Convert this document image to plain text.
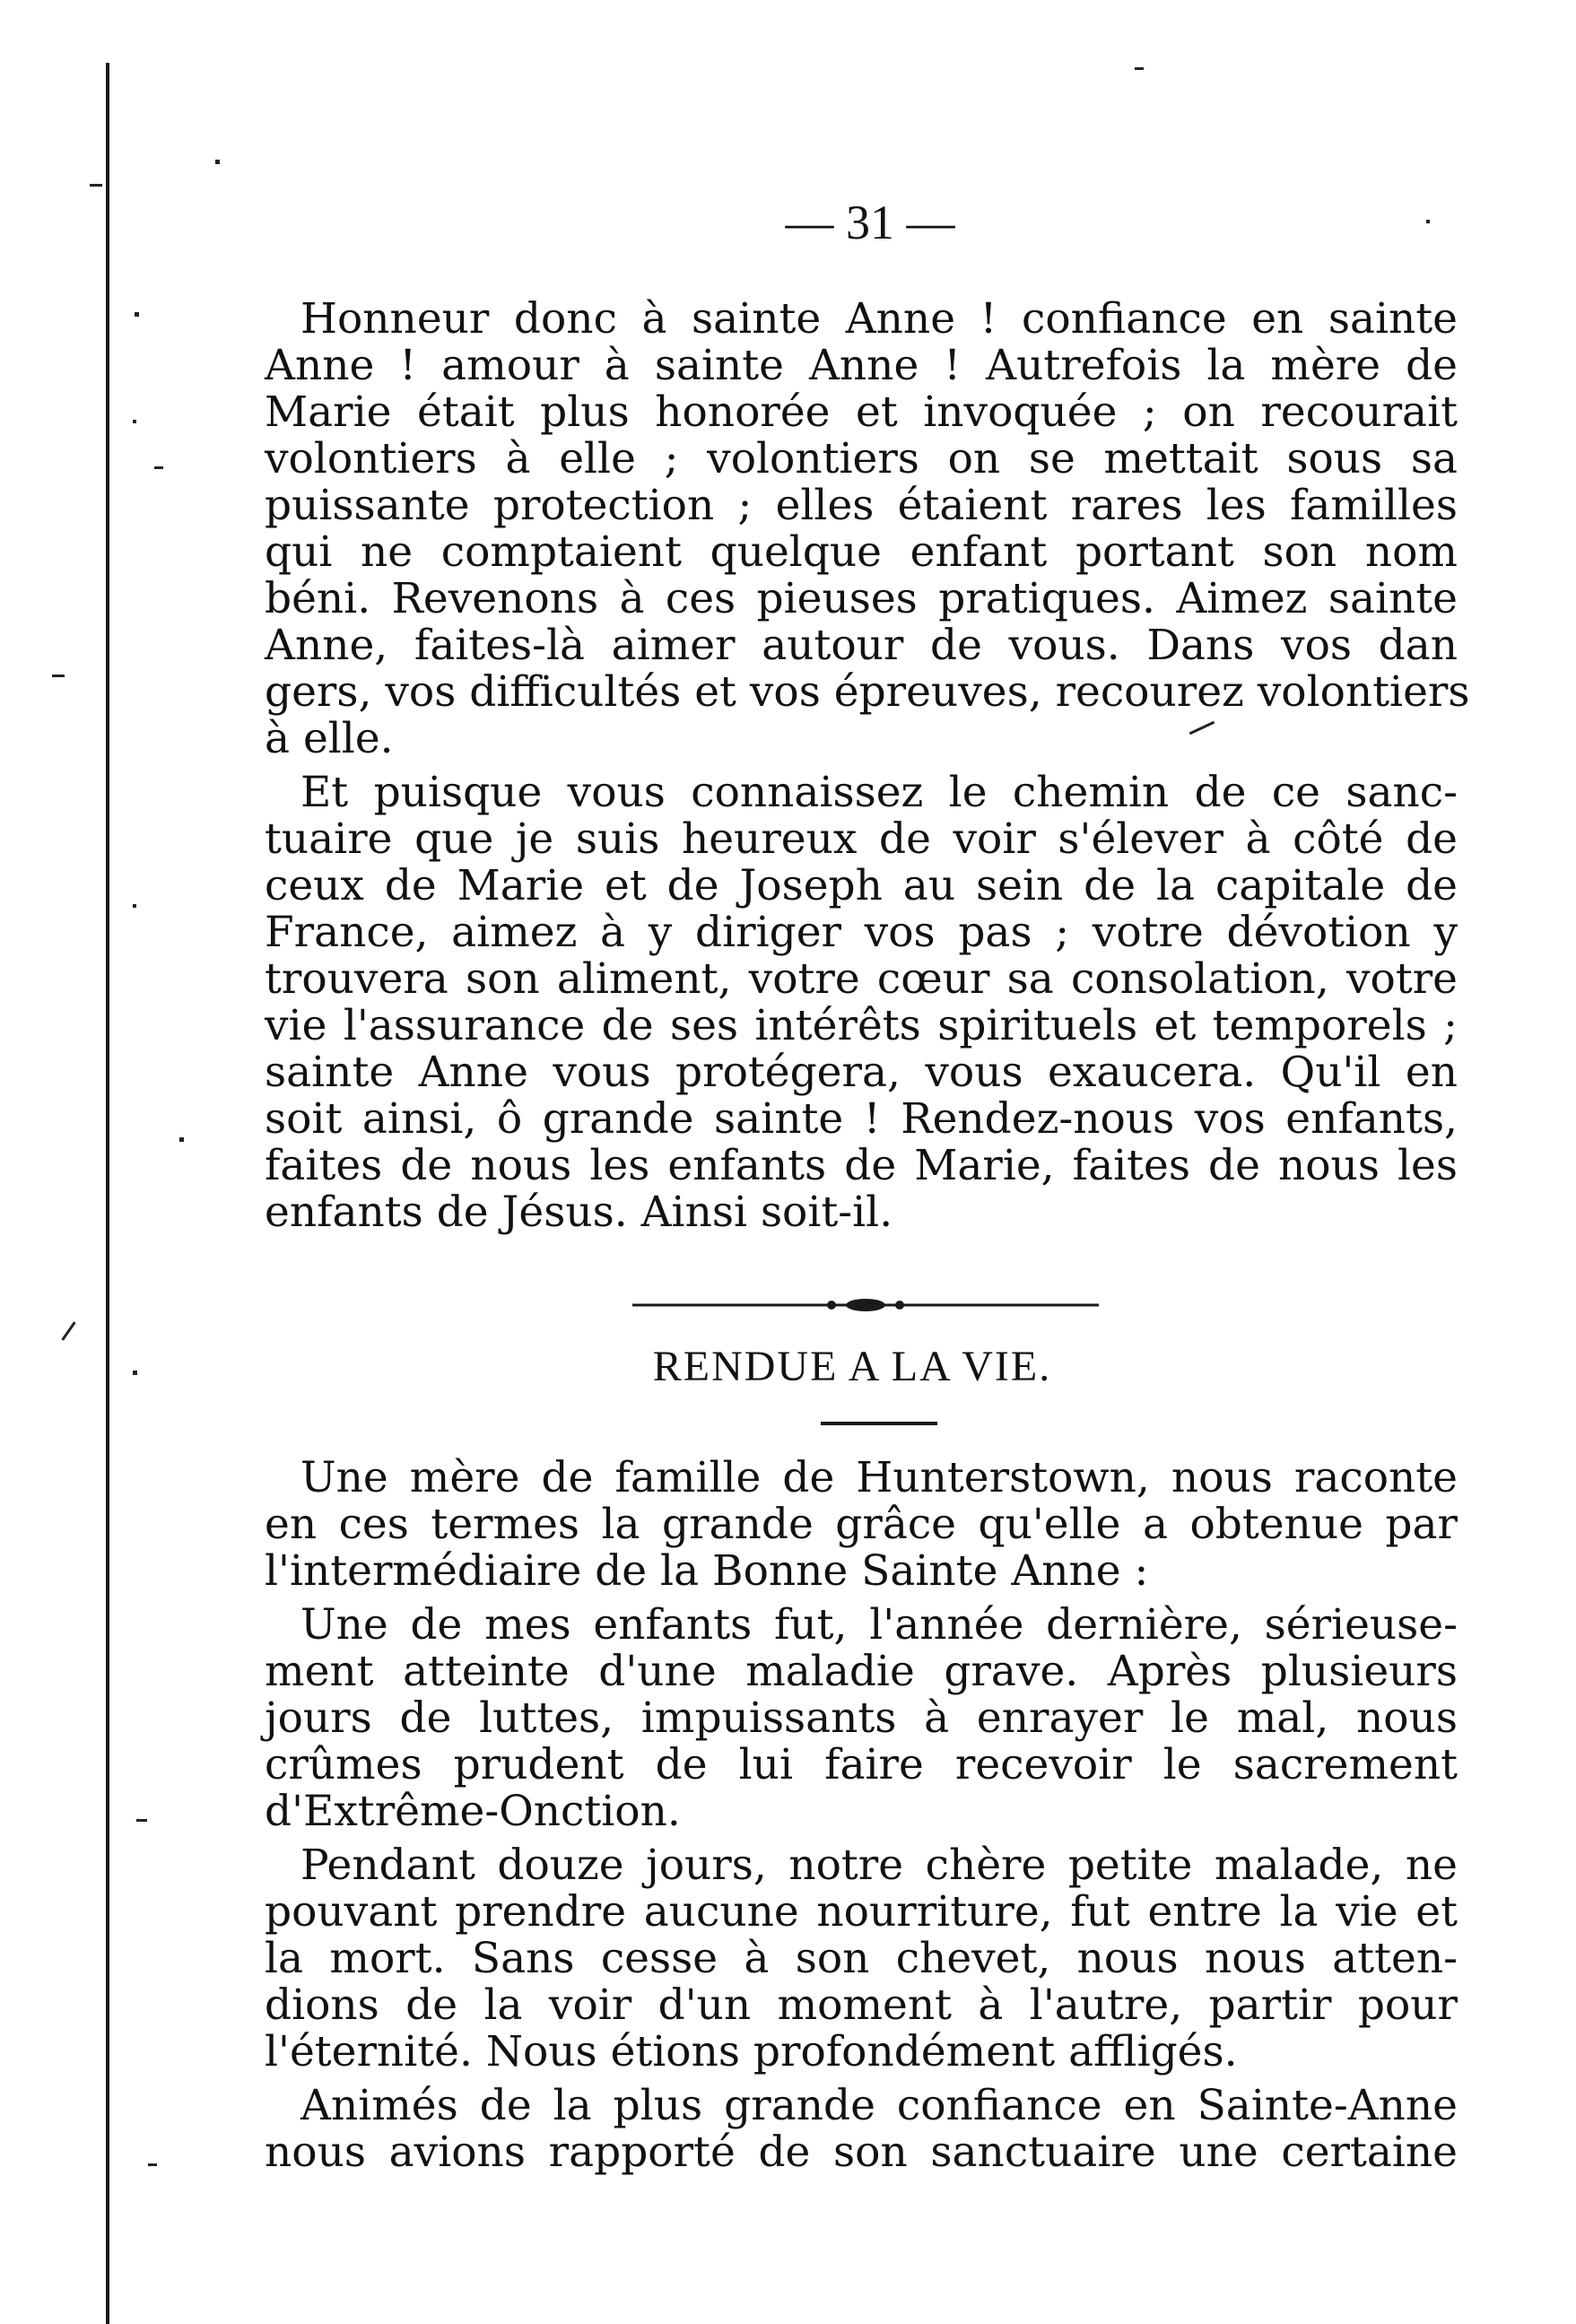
— 31 —
Honneur donc à sainte Anne ! confiance en sainte
Anne ! amour à sainte Anne ! Autrefois la mère de
Marie était plus honorée et invoquée ; on recourait
volontiers à elle ; volontiers on se mettait sous sa
puissante protection ; elles étaient rares les familles
qui ne comptaient quelque enfant portant son nom
béni. Revenons à ces pieuses pratiques. Aimez sainte
Anne, faites-là aimer autour de vous. Dans vos dan
gers, vos difficultés et vos épreuves, recourez volontiers
à elle.
Et puisque vous connaissez le chemin de ce sanc-
tuaire que je suis heureux de voir s'élever à côté de
ceux de Marie et de Joseph au sein de la capitale de
France, aimez à y diriger vos pas ; votre dévotion y
trouvera son aliment, votre cœur sa consolation, votre
vie l'assurance de ses intérêts spirituels et temporels ;
sainte Anne vous protégera, vous exaucera. Qu'il en
soit ainsi, ô grande sainte ! Rendez-nous vos enfants,
faites de nous les enfants de Marie, faites de nous les
enfants de Jésus. Ainsi soit-il.
RENDUE A LA VIE.
Une mère de famille de Hunterstown, nous raconte
en ces termes la grande grâce qu'elle a obtenue par
l'intermédiaire de la Bonne Sainte Anne :
Une de mes enfants fut, l'année dernière, sérieuse-
ment atteinte d'une maladie grave. Après plusieurs
jours de luttes, impuissants à enrayer le mal, nous
crûmes prudent de lui faire recevoir le sacrement
d'Extrême-Onction.
Pendant douze jours, notre chère petite malade, ne
pouvant prendre aucune nourriture, fut entre la vie et
la mort. Sans cesse à son chevet, nous nous atten-
dions de la voir d'un moment à l'autre, partir pour
l'éternité. Nous étions profondément affligés.
Animés de la plus grande confiance en Sainte-Anne
nous avions rapporté de son sanctuaire une certaine
